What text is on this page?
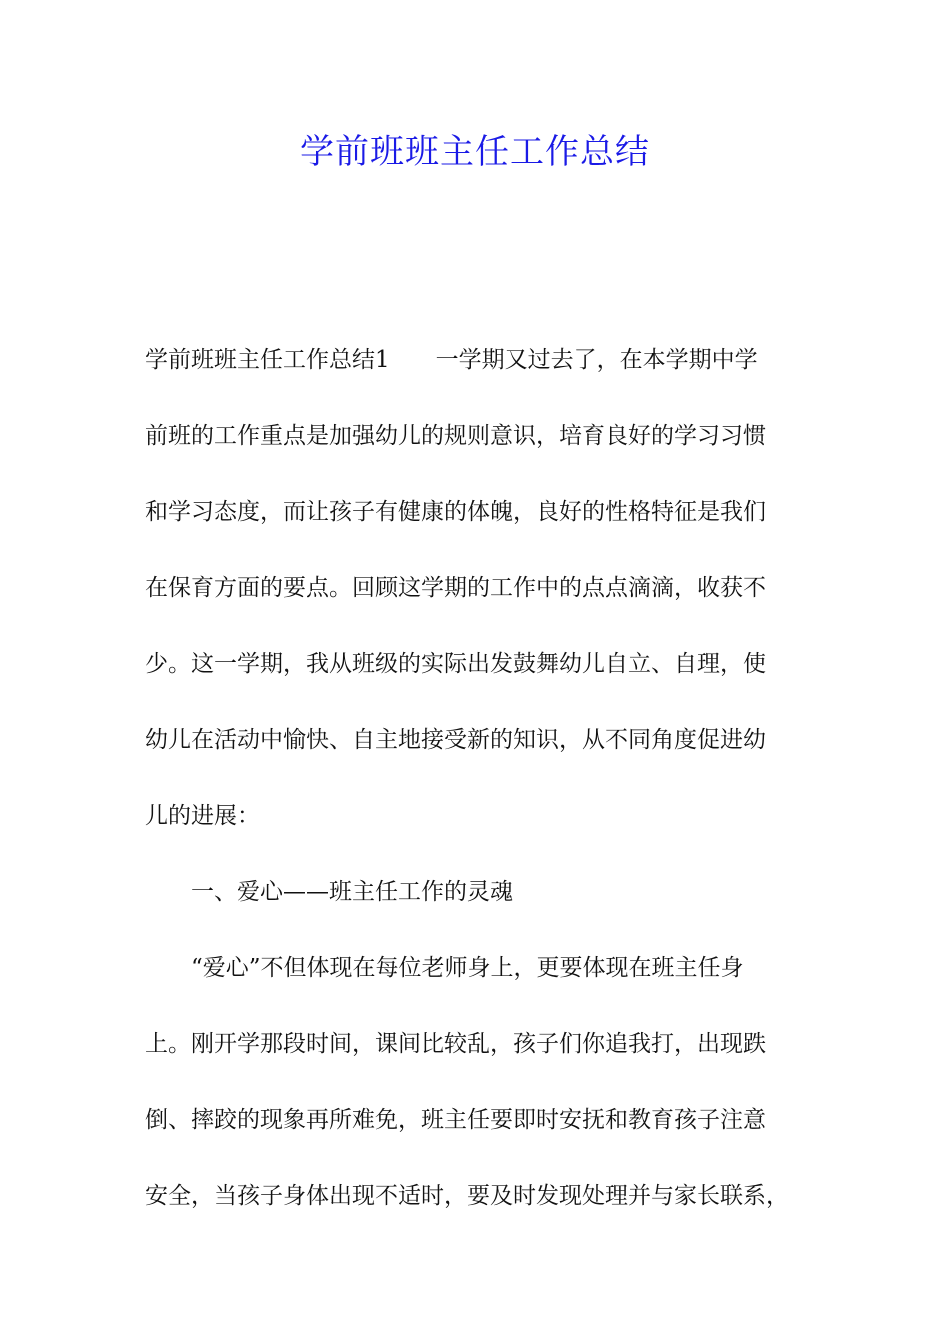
学前班班主任工作总结
学前班班主任工作总结1　　一学期又过去了，在本学期中学
前班的工作重点是加强幼儿的规则意识，培育良好的学习习惯
和学习态度，而让孩子有健康的体魄，良好的性格特征是我们
在保育方面的要点。回顾这学期的工作中的点点滴滴，收获不
少。这一学期，我从班级的实际出发鼓舞幼儿自立、自理，使
幼儿在活动中愉快、自主地接受新的知识，从不同角度促进幼
儿的进展：
　　一、爱心——班主任工作的灵魂
　　“爱心”不但体现在每位老师身上，更要体现在班主任身
上。刚开学那段时间，课间比较乱，孩子们你追我打，出现跌
倒、摔跤的现象再所难免，班主任要即时安抚和教育孩子注意
安全，当孩子身体出现不适时，要及时发现处理并与家长联系，
